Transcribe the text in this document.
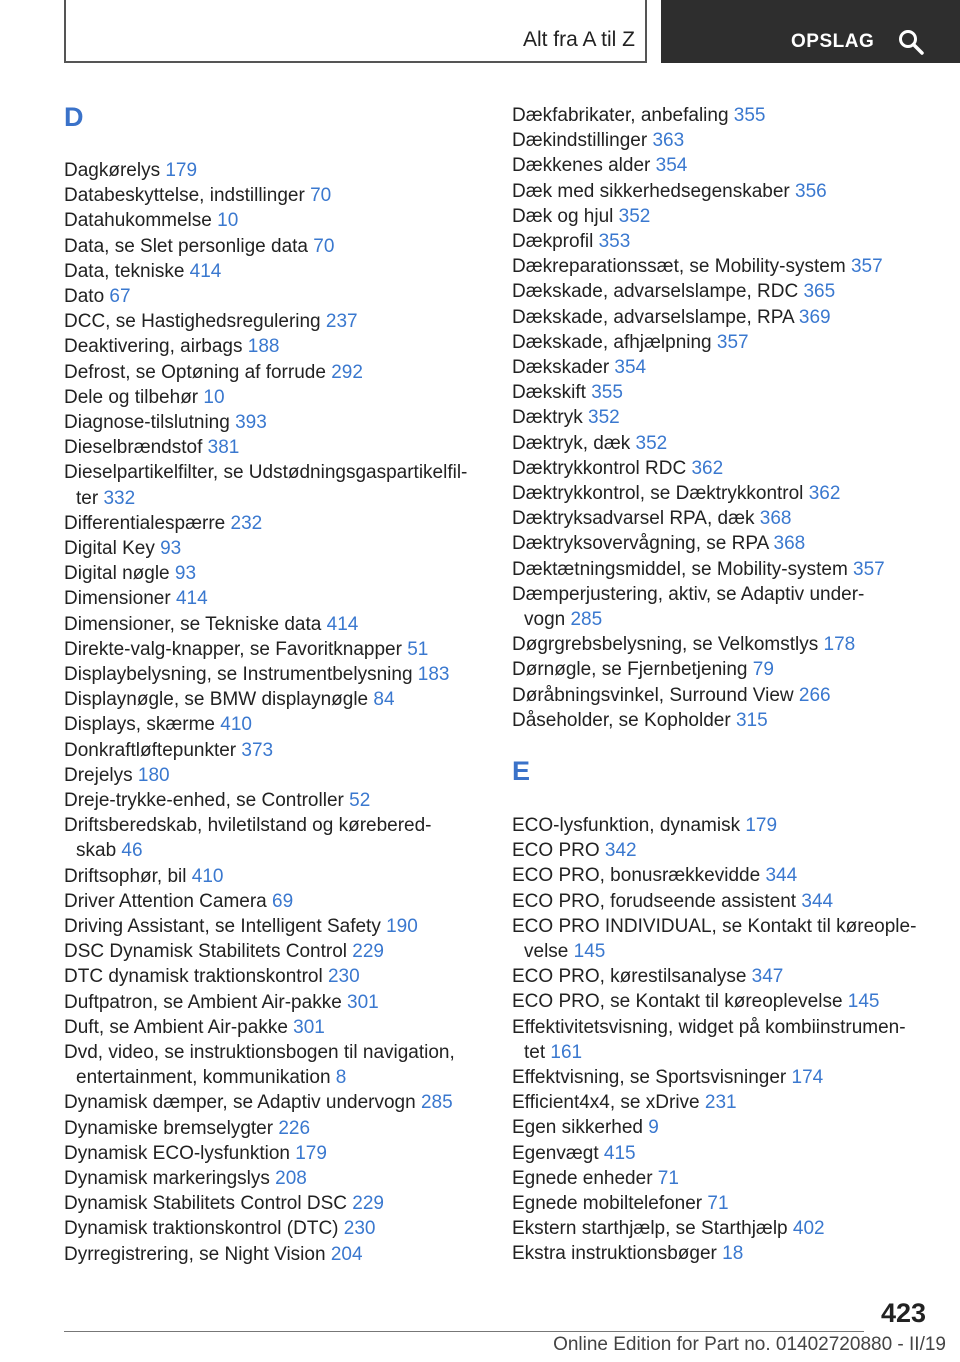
Alt fra A til Z	OPSLAG
D
Dagkørelys 179
Databeskyttelse, indstillinger 70
Datahukommelse 10
Data, se Slet personlige data 70
Data, tekniske 414
Dato 67
DCC, se Hastighedsregulering 237
Deaktivering, airbags 188
Defrost, se Optøning af forrude 292
Dele og tilbehør 10
Diagnose-tilslutning 393
Dieselbrændstof 381
Dieselpartikelfilter, se Udstødningsgaspartikelfil-
ter 332
Differentialespærre 232
Digital Key 93
Digital nøgle 93
Dimensioner 414
Dimensioner, se Tekniske data 414
Direkte-valg-knapper, se Favoritknapper 51
Displaybelysning, se Instrumentbelysning 183
Displaynøgle, se BMW displaynøgle 84
Displays, skærme 410
Donkraftløftepunkter 373
Drejelys 180
Dreje-trykke-enhed, se Controller 52
Driftsberedskab, hviletilstand og kørebered-
skab 46
Driftsophør, bil 410
Driver Attention Camera 69
Driving Assistant, se Intelligent Safety 190
DSC Dynamisk Stabilitets Control 229
DTC dynamisk traktionskontrol 230
Duftpatron, se Ambient Air-pakke 301
Duft, se Ambient Air-pakke 301
Dvd, video, se instruktionsbogen til navigation,
entertainment, kommunikation 8
Dynamisk dæmper, se Adaptiv undervogn 285
Dynamiske bremselygter 226
Dynamisk ECO-lysfunktion 179
Dynamisk markeringslys 208
Dynamisk Stabilitets Control DSC 229
Dynamisk traktionskontrol (DTC) 230
Dyrregistrering, se Night Vision 204
Dækfabrikater, anbefaling 355
Dækindstillinger 363
Dækkenes alder 354
Dæk med sikkerhedsegenskaber 356
Dæk og hjul 352
Dækprofil 353
Dækreparationssæt, se Mobility-system 357
Dækskade, advarselslampe, RDC 365
Dækskade, advarselslampe, RPA 369
Dækskade, afhjælpning 357
Dækskader 354
Dækskift 355
Dæktryk 352
Dæktryk, dæk 352
Dæktrykkontrol RDC 362
Dæktrykkontrol, se Dæktrykkontrol 362
Dæktryksadvarsel RPA, dæk 368
Dæktryksovervågning, se RPA 368
Dæktætningsmiddel, se Mobility-system 357
Dæmperjustering, aktiv, se Adaptiv under-
vogn 285
Døgrgrebsbelysning, se Velkomstlys 178
Dørnøgle, se Fjernbetjening 79
Døråbningsvinkel, Surround View 266
Dåseholder, se Kopholder 315
E
ECO-lysfunktion, dynamisk 179
ECO PRO 342
ECO PRO, bonusrækkevidde 344
ECO PRO, forudseende assistent 344
ECO PRO INDIVIDUAL, se Kontakt til køreople-
velse 145
ECO PRO, kørestilsanalyse 347
ECO PRO, se Kontakt til køreoplevelse 145
Effektivitetsvisning, widget på kombiinstrumen-
tet 161
Effektvisning, se Sportsvisninger 174
Efficient4x4, se xDrive 231
Egen sikkerhed 9
Egenvægt 415
Egnede enheder 71
Egnede mobiltelefoner 71
Ekstern starthjælp, se Starthjælp 402
Ekstra instruktionsbøger 18
423
Online Edition for Part no. 01402720880 - II/19
